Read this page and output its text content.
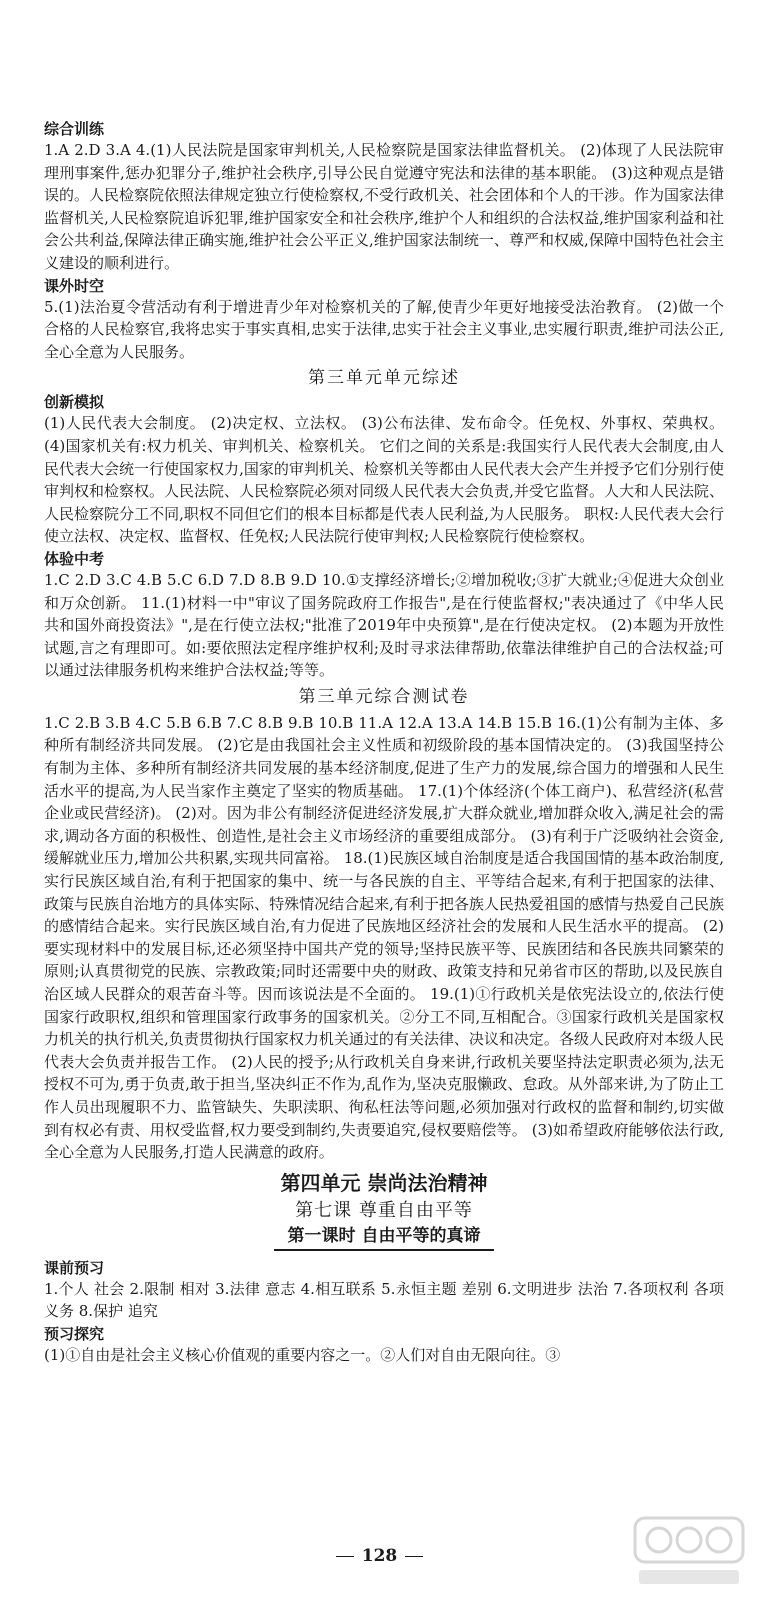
综合训练
1.A 2.D 3.A 4.(1)人民法院是国家审判机关,人民检察院是国家法律监督机关。 (2)体现了人民法院审理刑事案件,惩办犯罪分子,维护社会秩序,引导公民自觉遵守宪法和法律的基本职能。 (3)这种观点是错误的。人民检察院依照法律规定独立行使检察权,不受行政机关、社会团体和个人的干涉。作为国家法律监督机关,人民检察院追诉犯罪,维护国家安全和社会秩序,维护个人和组织的合法权益,维护国家利益和社会公共利益,保障法律正确实施,维护社会公平正义,维护国家法制统一、尊严和权威,保障中国特色社会主义建设的顺利进行。
课外时空
5.(1)法治夏令营活动有利于增进青少年对检察机关的了解,使青少年更好地接受法治教育。 (2)做一个合格的人民检察官,我将忠实于事实真相,忠实于法律,忠实于社会主义事业,忠实履行职责,维护司法公正,全心全意为人民服务。
第三单元单元综述
创新模拟
(1)人民代表大会制度。 (2)决定权、立法权。 (3)公布法律、发布命令。任免权、外事权、荣典权。 (4)国家机关有:权力机关、审判机关、检察机关。 它们之间的关系是:我国实行人民代表大会制度,由人民代表大会统一行使国家权力,国家的审判机关、检察机关等都由人民代表大会产生并授予它们分别行使审判权和检察权。人民法院、人民检察院必须对同级人民代表大会负责,并受它监督。人大和人民法院、人民检察院分工不同,职权不同但它们的根本目标都是代表人民利益,为人民服务。 职权:人民代表大会行使立法权、决定权、监督权、任免权;人民法院行使审判权;人民检察院行使检察权。
体验中考
1.C 2.D 3.C 4.B 5.C 6.D 7.D 8.B 9.D 10.①支撑经济增长;②增加税收;③扩大就业;④促进大众创业和万众创新。 11.(1)材料一中"审议了国务院政府工作报告",是在行使监督权;"表决通过了《中华人民共和国外商投资法》",是在行使立法权;"批准了2019年中央预算",是在行使决定权。 (2)本题为开放性试题,言之有理即可。如:要依照法定程序维护权利;及时寻求法律帮助,依靠法律维护自己的合法权益;可以通过法律服务机构来维护合法权益;等等。
第三单元综合测试卷
1.C 2.B 3.B 4.C 5.B 6.B 7.C 8.B 9.B 10.B 11.A 12.A 13.A 14.B 15.B 16.(1)公有制为主体、多种所有制经济共同发展。 (2)它是由我国社会主义性质和初级阶段的基本国情决定的。 (3)我国坚持公有制为主体、多种所有制经济共同发展的基本经济制度,促进了生产力的发展,综合国力的增强和人民生活水平的提高,为人民当家作主奠定了坚实的物质基础。 17.(1)个体经济(个体工商户)、私营经济(私营企业或民营经济)。 (2)对。因为非公有制经济促进经济发展,扩大群众就业,增加群众收入,满足社会的需求,调动各方面的积极性、创造性,是社会主义市场经济的重要组成部分。 (3)有利于广泛吸纳社会资金,缓解就业压力,增加公共积累,实现共同富裕。 18.(1)民族区域自治制度是适合我国国情的基本政治制度,实行民族区域自治,有利于把国家的集中、统一与各民族的自主、平等结合起来,有利于把国家的法律、政策与民族自治地方的具体实际、特殊情况结合起来,有利于把各族人民热爱祖国的感情与热爱自己民族的感情结合起来。实行民族区域自治,有力促进了民族地区经济社会的发展和人民生活水平的提高。 (2)要实现材料中的发展目标,还必须坚持中国共产党的领导;坚持民族平等、民族团结和各民族共同繁荣的原则;认真贯彻党的民族、宗教政策;同时还需要中央的财政、政策支持和兄弟省市区的帮助,以及民族自治区域人民群众的艰苦奋斗等。因而该说法是不全面的。 19.(1)①行政机关是依宪法设立的,依法行使国家行政职权,组织和管理国家行政事务的国家机关。②分工不同,互相配合。③国家行政机关是国家权力机关的执行机关,负责贯彻执行国家权力机关通过的有关法律、决议和决定。各级人民政府对本级人民代表大会负责并报告工作。 (2)人民的授予;从行政机关自身来讲,行政机关要坚持法定职责必须为,法无授权不可为,勇于负责,敢于担当,坚决纠正不作为,乱作为,坚决克服懒政、怠政。从外部来讲,为了防止工作人员出现履职不力、监管缺失、失职渎职、徇私枉法等问题,必须加强对行政权的监督和制约,切实做到有权必有责、用权受监督,权力要受到制约,失责要追究,侵权要赔偿等。 (3)如希望政府能够依法行政,全心全意为人民服务,打造人民满意的政府。
第四单元 崇尚法治精神
第七课 尊重自由平等
第一课时 自由平等的真谛
课前预习
1.个人 社会 2.限制 相对 3.法律 意志 4.相互联系 5.永恒主题 差别 6.文明进步 法治 7.各项权利 各项义务 8.保护 追究
预习探究
(1)①自由是社会主义核心价值观的重要内容之一。②人们对自由无限向往。③
128
